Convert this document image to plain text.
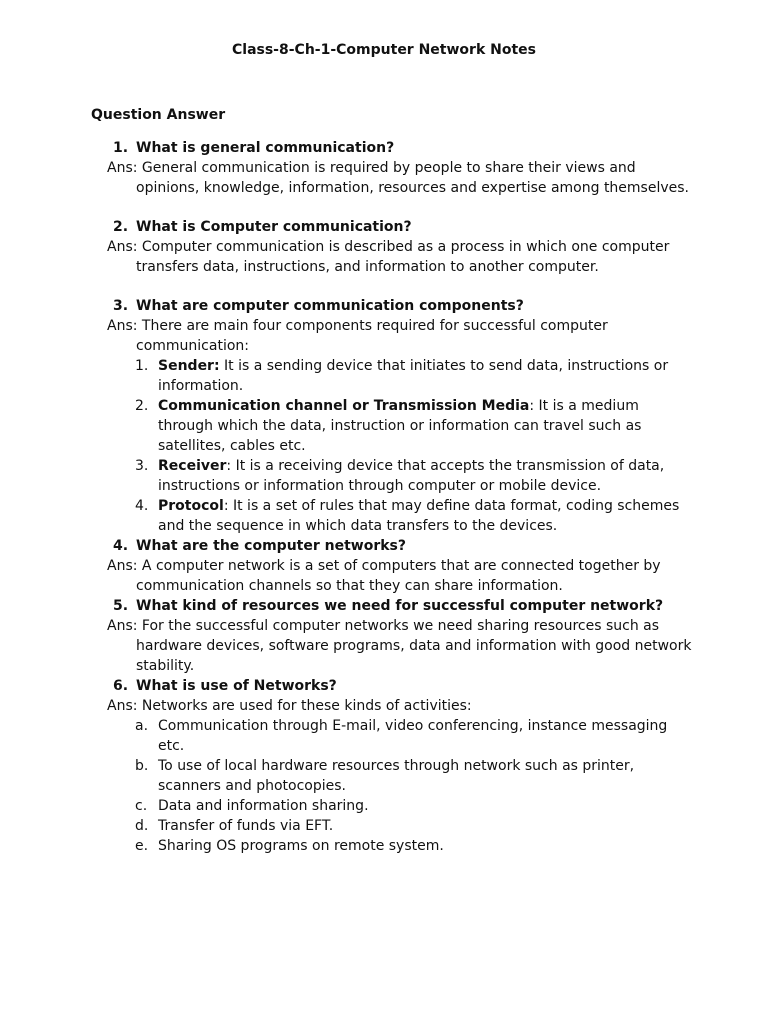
Class-8-Ch-1-Computer Network Notes
Question Answer
1. What is general communication?
Ans: General communication is required by people to share their views and opinions, knowledge, information, resources and expertise among themselves.
2. What is Computer communication?
Ans: Computer communication is described as a process in which one computer transfers data, instructions, and information to another computer.
3. What are computer communication components?
Ans: There are main four components required for successful computer communication:
1. Sender: It is a sending device that initiates to send data, instructions or information.
2. Communication channel or Transmission Media: It is a medium through which the data, instruction or information can travel such as satellites, cables etc.
3. Receiver: It is a receiving device that accepts the transmission of data, instructions or information through computer or mobile device.
4. Protocol: It is a set of rules that may define data format, coding schemes and the sequence in which data transfers to the devices.
4. What are the computer networks?
Ans: A computer network is a set of computers that are connected together by communication channels so that they can share information.
5. What kind of resources we need for successful computer network?
Ans: For the successful computer networks we need sharing resources such as hardware devices, software programs, data and information with good network stability.
6. What is use of Networks?
Ans: Networks are used for these kinds of activities:
a. Communication through E-mail, video conferencing, instance messaging etc.
b. To use of local hardware resources through network such as printer, scanners and photocopies.
c. Data and information sharing.
d. Transfer of funds via EFT.
e. Sharing OS programs on remote system.
